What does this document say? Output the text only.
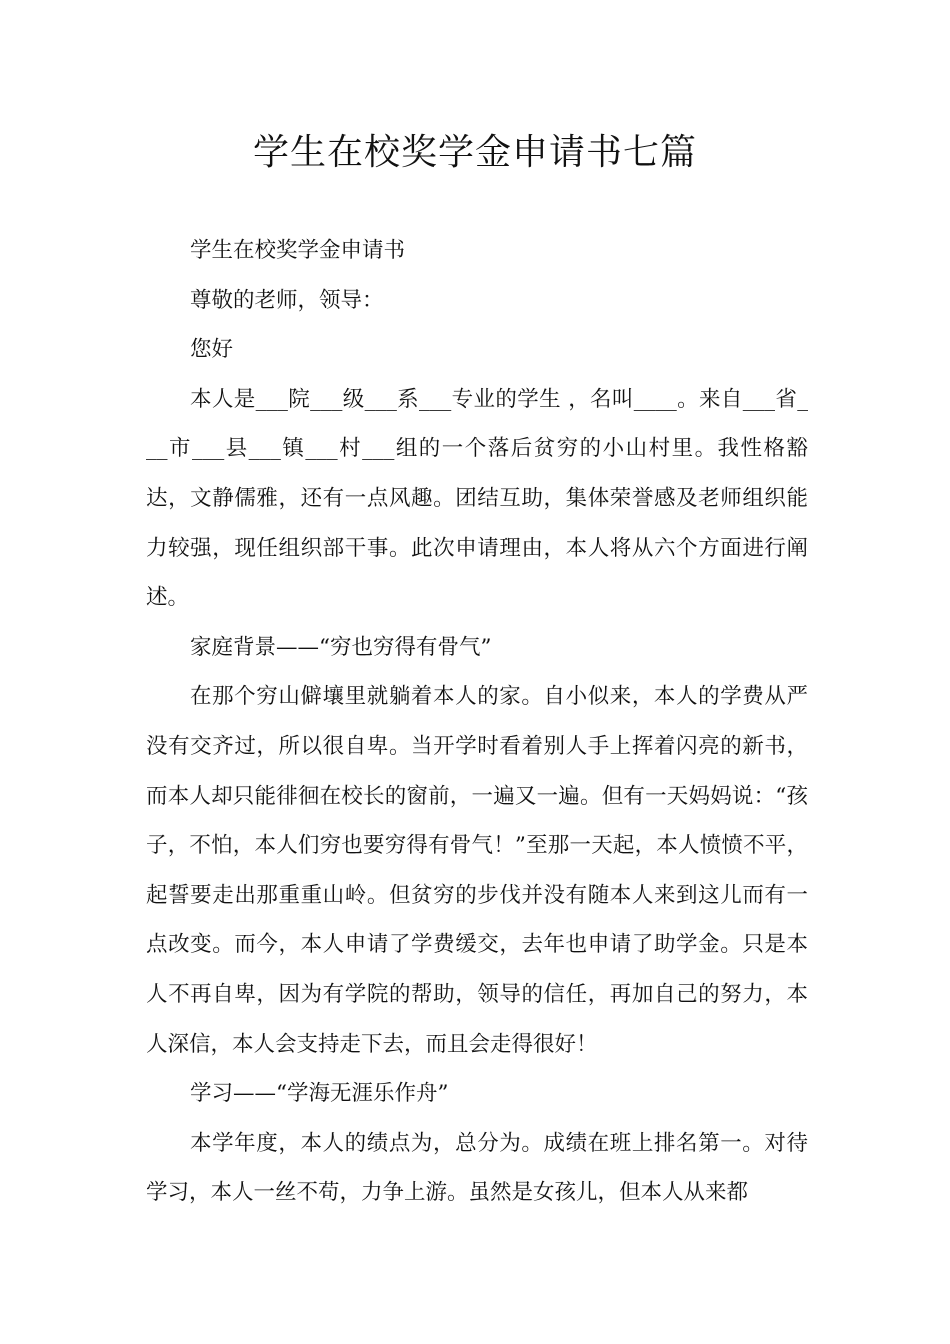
学生在校奖学金申请书七篇

学生在校奖学金申请书

尊敬的老师，领导：

您好

本人是___院___级___系___专业的学生 ，名叫____。来自___省___市___县___镇___村___组的一个落后贫穷的小山村里。我性格豁达，文静儒雅，还有一点风趣。团结互助，集体荣誉感及老师组织能力较强，现任组织部干事。此次申请理由，本人将从六个方面进行阐述。

家庭背景——“穷也穷得有骨气”

在那个穷山僻壤里就躺着本人的家。自小似来，本人的学费从严没有交齐过，所以很自卑。当开学时看着别人手上挥着闪亮的新书，而本人却只能徘徊在校长的窗前，一遍又一遍。但有一天妈妈说：“孩子，不怕，本人们穷也要穷得有骨气！”至那一天起，本人愤愤不平，起誓要走出那重重山岭。但贫穷的步伐并没有随本人来到这儿而有一点改变。而今，本人申请了学费缓交，去年也申请了助学金。只是本人不再自卑，因为有学院的帮助，领导的信任，再加自己的努力，本人深信，本人会支持走下去，而且会走得很好！

学习——“学海无涯乐作舟”

本学年度，本人的绩点为，总分为。成绩在班上排名第一。对待学习，本人一丝不苟，力争上游。虽然是女孩儿，但本人从来都
